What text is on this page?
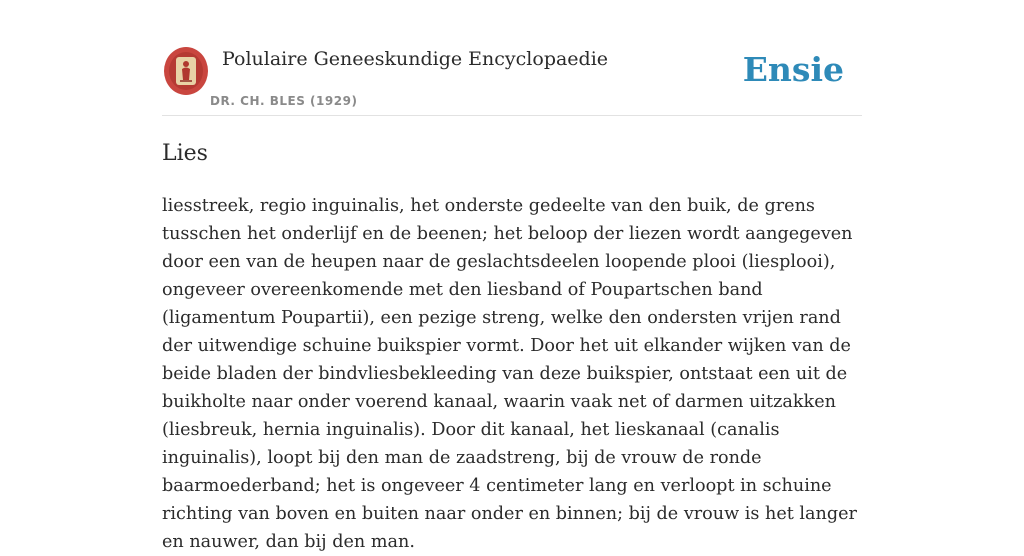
Polulaire Geneeskundige Encyclopaedie
DR. CH. BLES (1929)
Ensie
Lies

liesstreek, regio inguinalis, het onderste gedeelte van den buik, de grens tusschen het onderlijf en de beenen; het beloop der liezen wordt aangegeven door een van de heupen naar de geslachtsdeelen loopende plooi (liesplooi), ongeveer overeenkomende met den liesband of Poupartschen band (ligamentum Poupartii), een pezige streng, welke den ondersten vrijen rand der uitwendige schuine buikspier vormt. Door het uit elkander wijken van de beide bladen der bindvliesbekleeding van deze buikspier, ontstaat een uit de buikholte naar onder voerend kanaal, waarin vaak net of darmen uitzakken (liesbreuk, hernia inguinalis). Door dit kanaal, het lieskanaal (canalis inguinalis), loopt bij den man de zaadstreng, bij de vrouw de ronde baarmoederband; het is ongeveer 4 centimeter lang en verloopt in schuine richting van boven en buiten naar onder en binnen; bij de vrouw is het langer en nauwer, dan bij den man.
